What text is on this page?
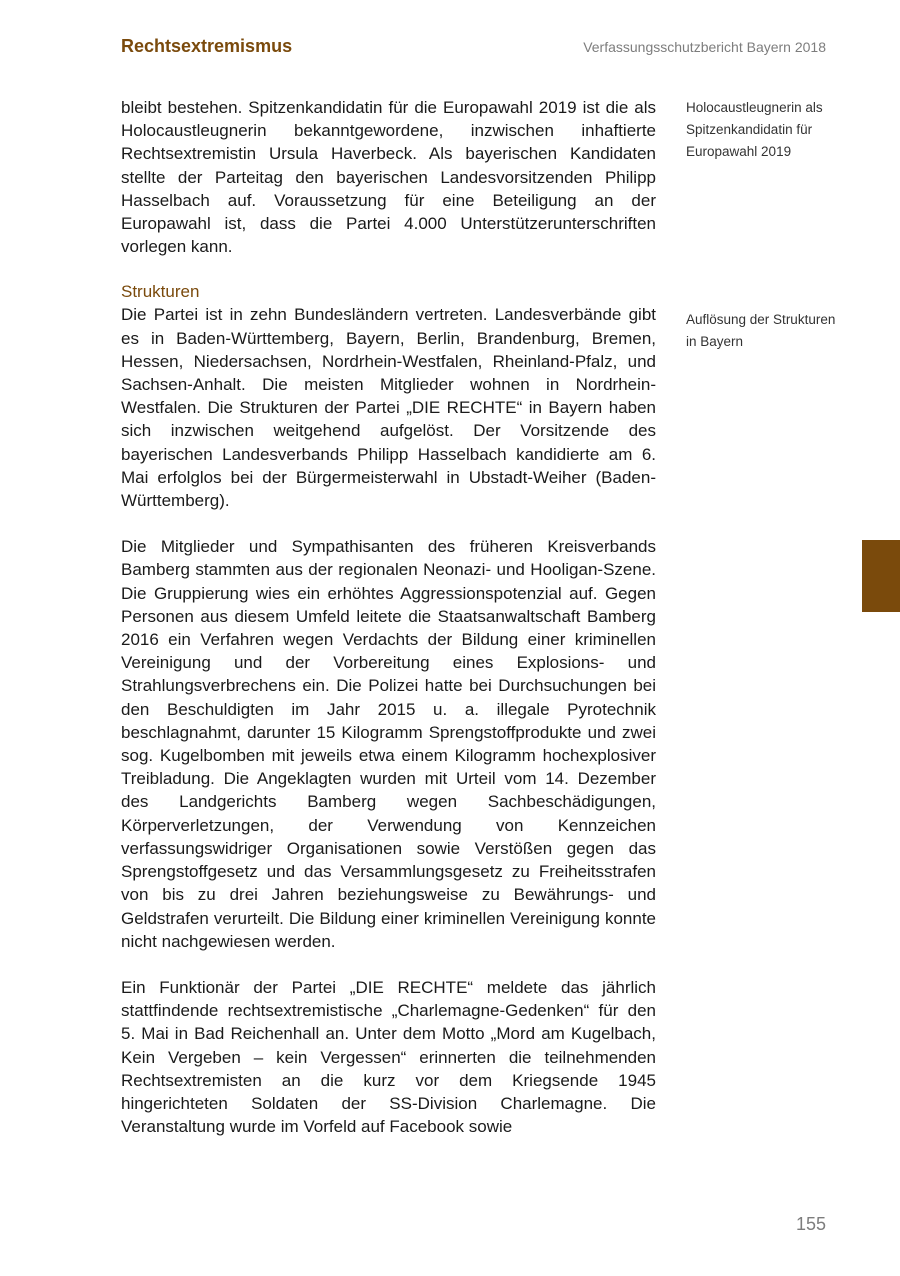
Rechtsextremismus	Verfassungsschutzbericht Bayern 2018

bleibt bestehen. Spitzenkandidatin für die Europawahl 2019 ist die als Holocaustleugnerin bekanntgewordene, inzwischen inhaftierte Rechtsextremistin Ursula Haverbeck. Als bayerischen Kandidaten stellte der Parteitag den bayerischen Landesvorsitzenden Philipp Hasselbach auf. Voraussetzung für eine Beteiligung an der Europawahl ist, dass die Partei 4.000 Unterstützerunterschriften vorlegen kann.

Strukturen

Die Partei ist in zehn Bundesländern vertreten. Landesverbände gibt es in Baden-Württemberg, Bayern, Berlin, Brandenburg, Bremen, Hessen, Niedersachsen, Nordrhein-Westfalen, Rheinland-Pfalz, und Sachsen-Anhalt. Die meisten Mitglieder wohnen in Nordrhein-Westfalen. Die Strukturen der Partei „DIE RECHTE“ in Bayern haben sich inzwischen weitgehend aufgelöst. Der Vorsitzende des bayerischen Landesverbands Philipp Hasselbach kandidierte am 6. Mai erfolglos bei der Bürgermeisterwahl in Ubstadt-Weiher (Baden-Württemberg).

Die Mitglieder und Sympathisanten des früheren Kreisverbands Bamberg stammten aus der regionalen Neonazi- und Hooligan-Szene. Die Gruppierung wies ein erhöhtes Aggressionspotenzial auf. Gegen Personen aus diesem Umfeld leitete die Staatsanwaltschaft Bamberg 2016 ein Verfahren wegen Verdachts der Bildung einer kriminellen Vereinigung und der Vorbereitung eines Explosions- und Strahlungsverbrechens ein. Die Polizei hatte bei Durchsuchungen bei den Beschuldigten im Jahr 2015 u. a. illegale Pyrotechnik beschlagnahmt, darunter 15 Kilogramm Sprengstoffprodukte und zwei sog. Kugelbomben mit jeweils etwa einem Kilogramm hochexplosiver Treibladung. Die Angeklagten wurden mit Urteil vom 14. Dezember des Landgerichts Bamberg wegen Sachbeschädigungen, Körperverletzungen, der Verwendung von Kennzeichen verfassungswidriger Organisationen sowie Verstößen gegen das Sprengstoffgesetz und das Versammlungsgesetz zu Freiheitsstrafen von bis zu drei Jahren beziehungsweise zu Bewährungs- und Geldstrafen verurteilt. Die Bildung einer kriminellen Vereinigung konnte nicht nachgewiesen werden.

Ein Funktionär der Partei „DIE RECHTE“ meldete das jährlich stattfindende rechtsextremistische „Charlemagne-Gedenken“ für den 5. Mai in Bad Reichenhall an. Unter dem Motto „Mord am Kugelbach, Kein Vergeben – kein Vergessen“ erinnerten die teilnehmenden Rechtsextremisten an die kurz vor dem Kriegsende 1945 hingerichteten Soldaten der SS-Division Charlemagne. Die Veranstaltung wurde im Vorfeld auf Facebook sowie

Holocaustleugnerin als Spitzenkandidatin für Europawahl 2019
Auflösung der Strukturen in Bayern
155
